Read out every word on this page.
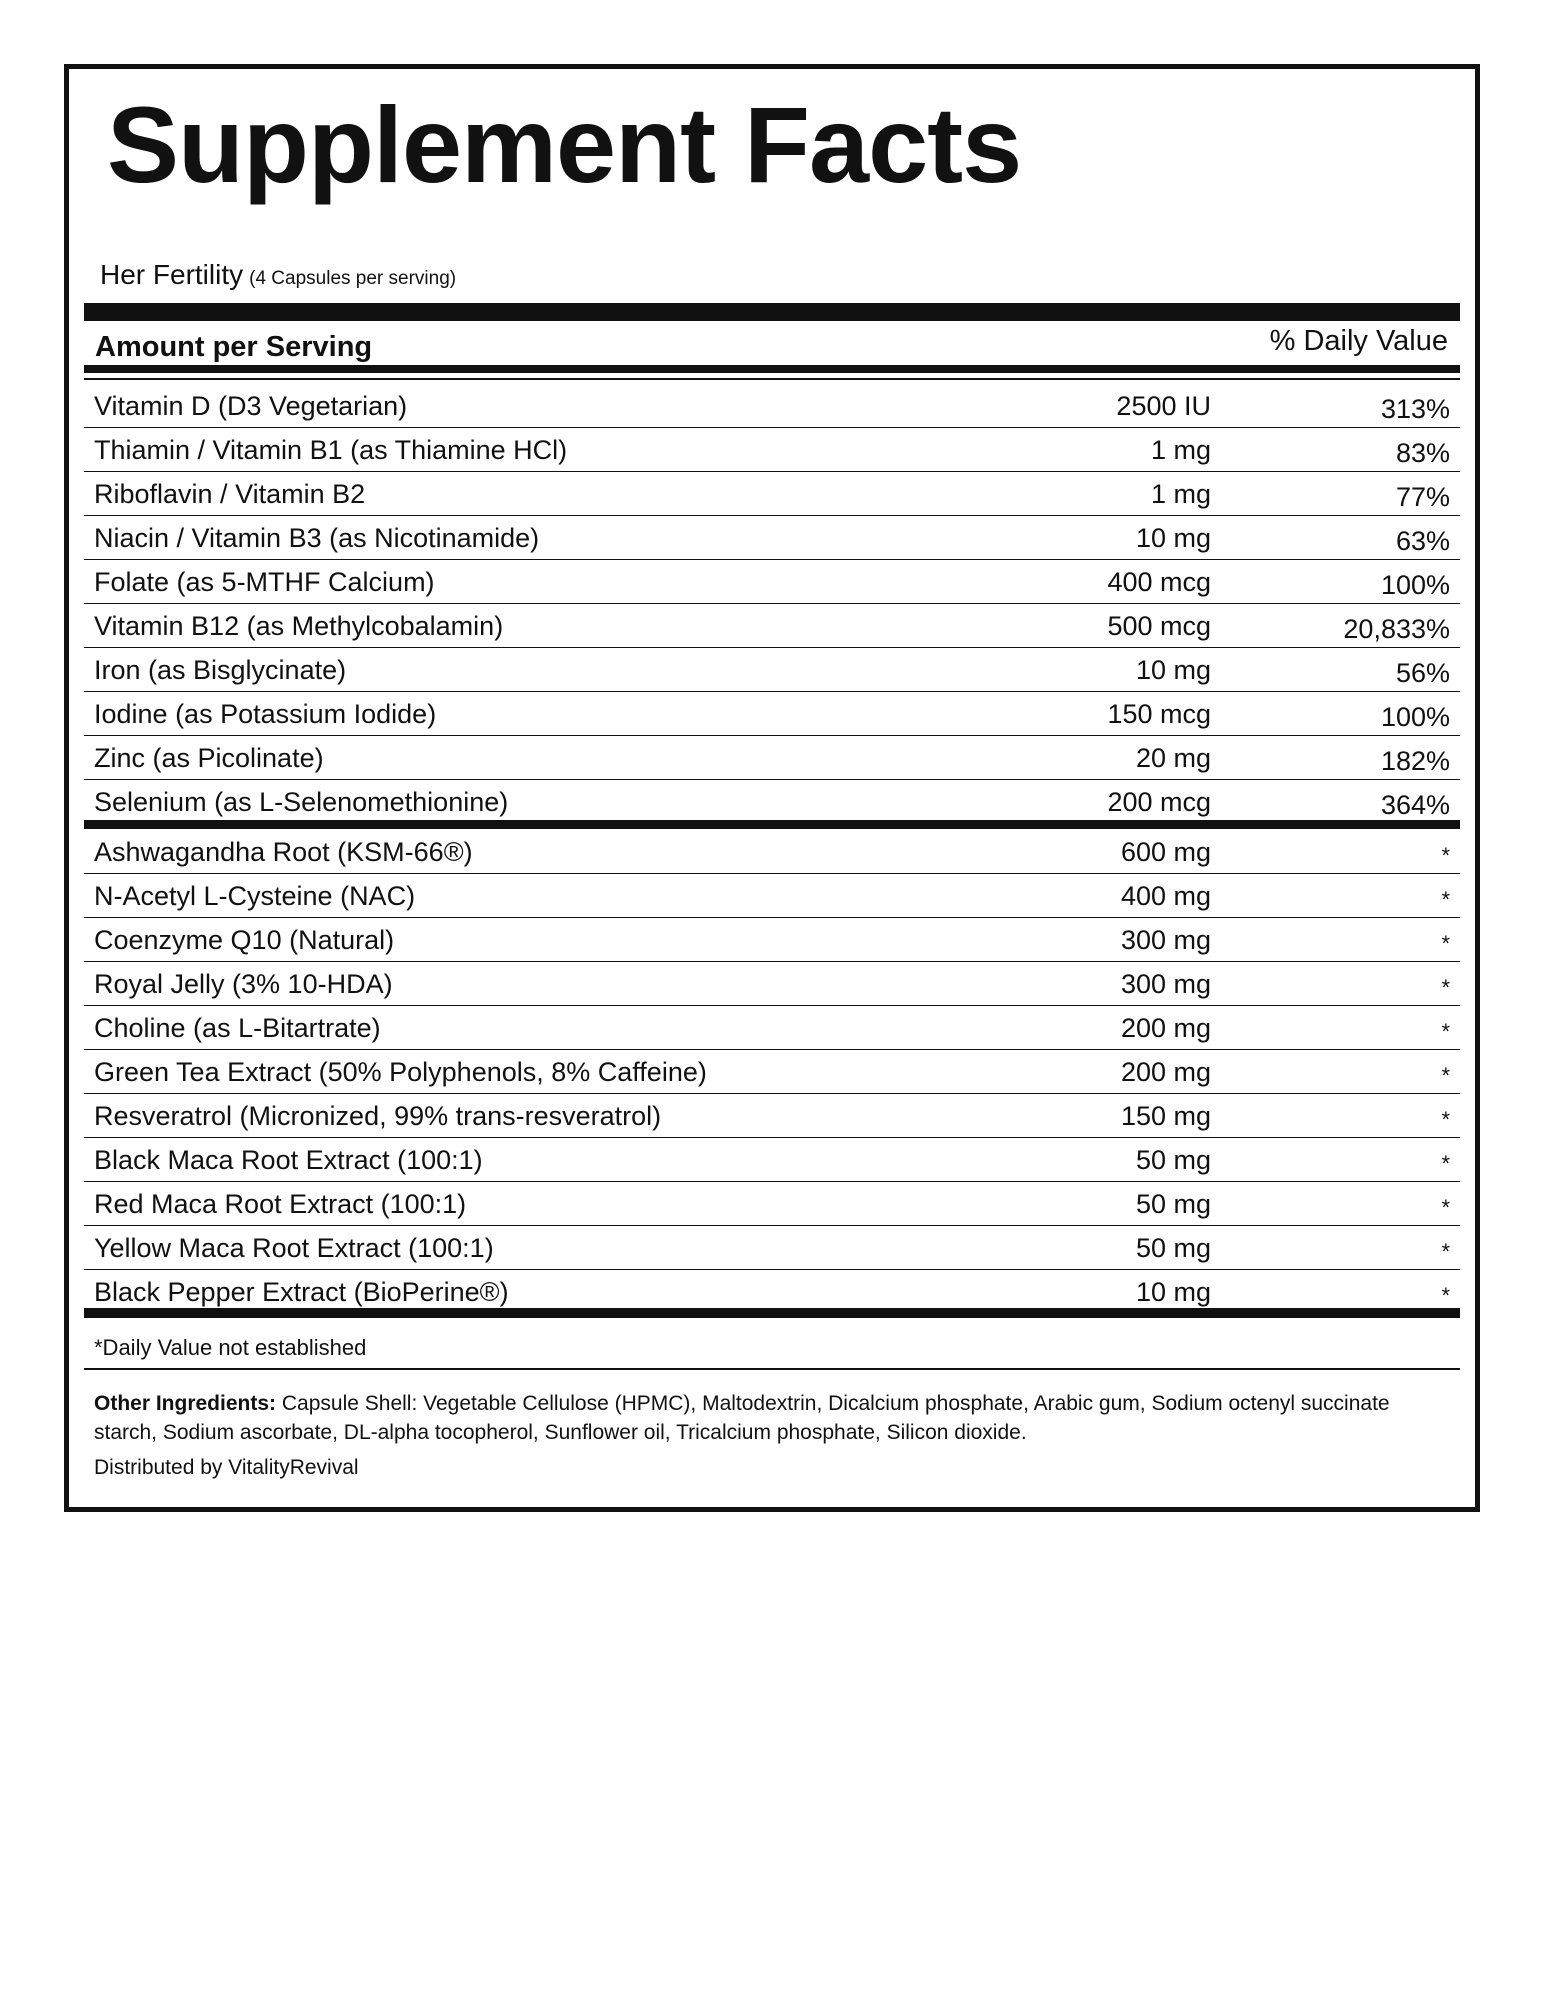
Supplement Facts
Her Fertility (4 Capsules per serving)
Amount per Serving	% Daily Value
Vitamin D (D3 Vegetarian)	2500 IU	313%
Thiamin / Vitamin B1 (as Thiamine HCl)	1 mg	83%
Riboflavin / Vitamin B2	1 mg	77%
Niacin / Vitamin B3 (as Nicotinamide)	10 mg	63%
Folate (as 5-MTHF Calcium)	400 mcg	100%
Vitamin B12 (as Methylcobalamin)	500 mcg	20,833%
Iron (as Bisglycinate)	10 mg	56%
Iodine (as Potassium Iodide)	150 mcg	100%
Zinc (as Picolinate)	20 mg	182%
Selenium (as L-Selenomethionine)	200 mcg	364%
Ashwagandha Root (KSM-66®)	600 mg	*
N-Acetyl L-Cysteine (NAC)	400 mg	*
Coenzyme Q10 (Natural)	300 mg	*
Royal Jelly (3% 10-HDA)	300 mg	*
Choline (as L-Bitartrate)	200 mg	*
Green Tea Extract (50% Polyphenols, 8% Caffeine)	200 mg	*
Resveratrol (Micronized, 99% trans-resveratrol)	150 mg	*
Black Maca Root Extract (100:1)	50 mg	*
Red Maca Root Extract (100:1)	50 mg	*
Yellow Maca Root Extract (100:1)	50 mg	*
Black Pepper Extract (BioPerine®)	10 mg	*
*Daily Value not established
Other Ingredients: Capsule Shell: Vegetable Cellulose (HPMC), Maltodextrin, Dicalcium phosphate, Arabic gum, Sodium octenyl succinate starch, Sodium ascorbate, DL-alpha tocopherol, Sunflower oil, Tricalcium phosphate, Silicon dioxide.
Distributed by VitalityRevival
